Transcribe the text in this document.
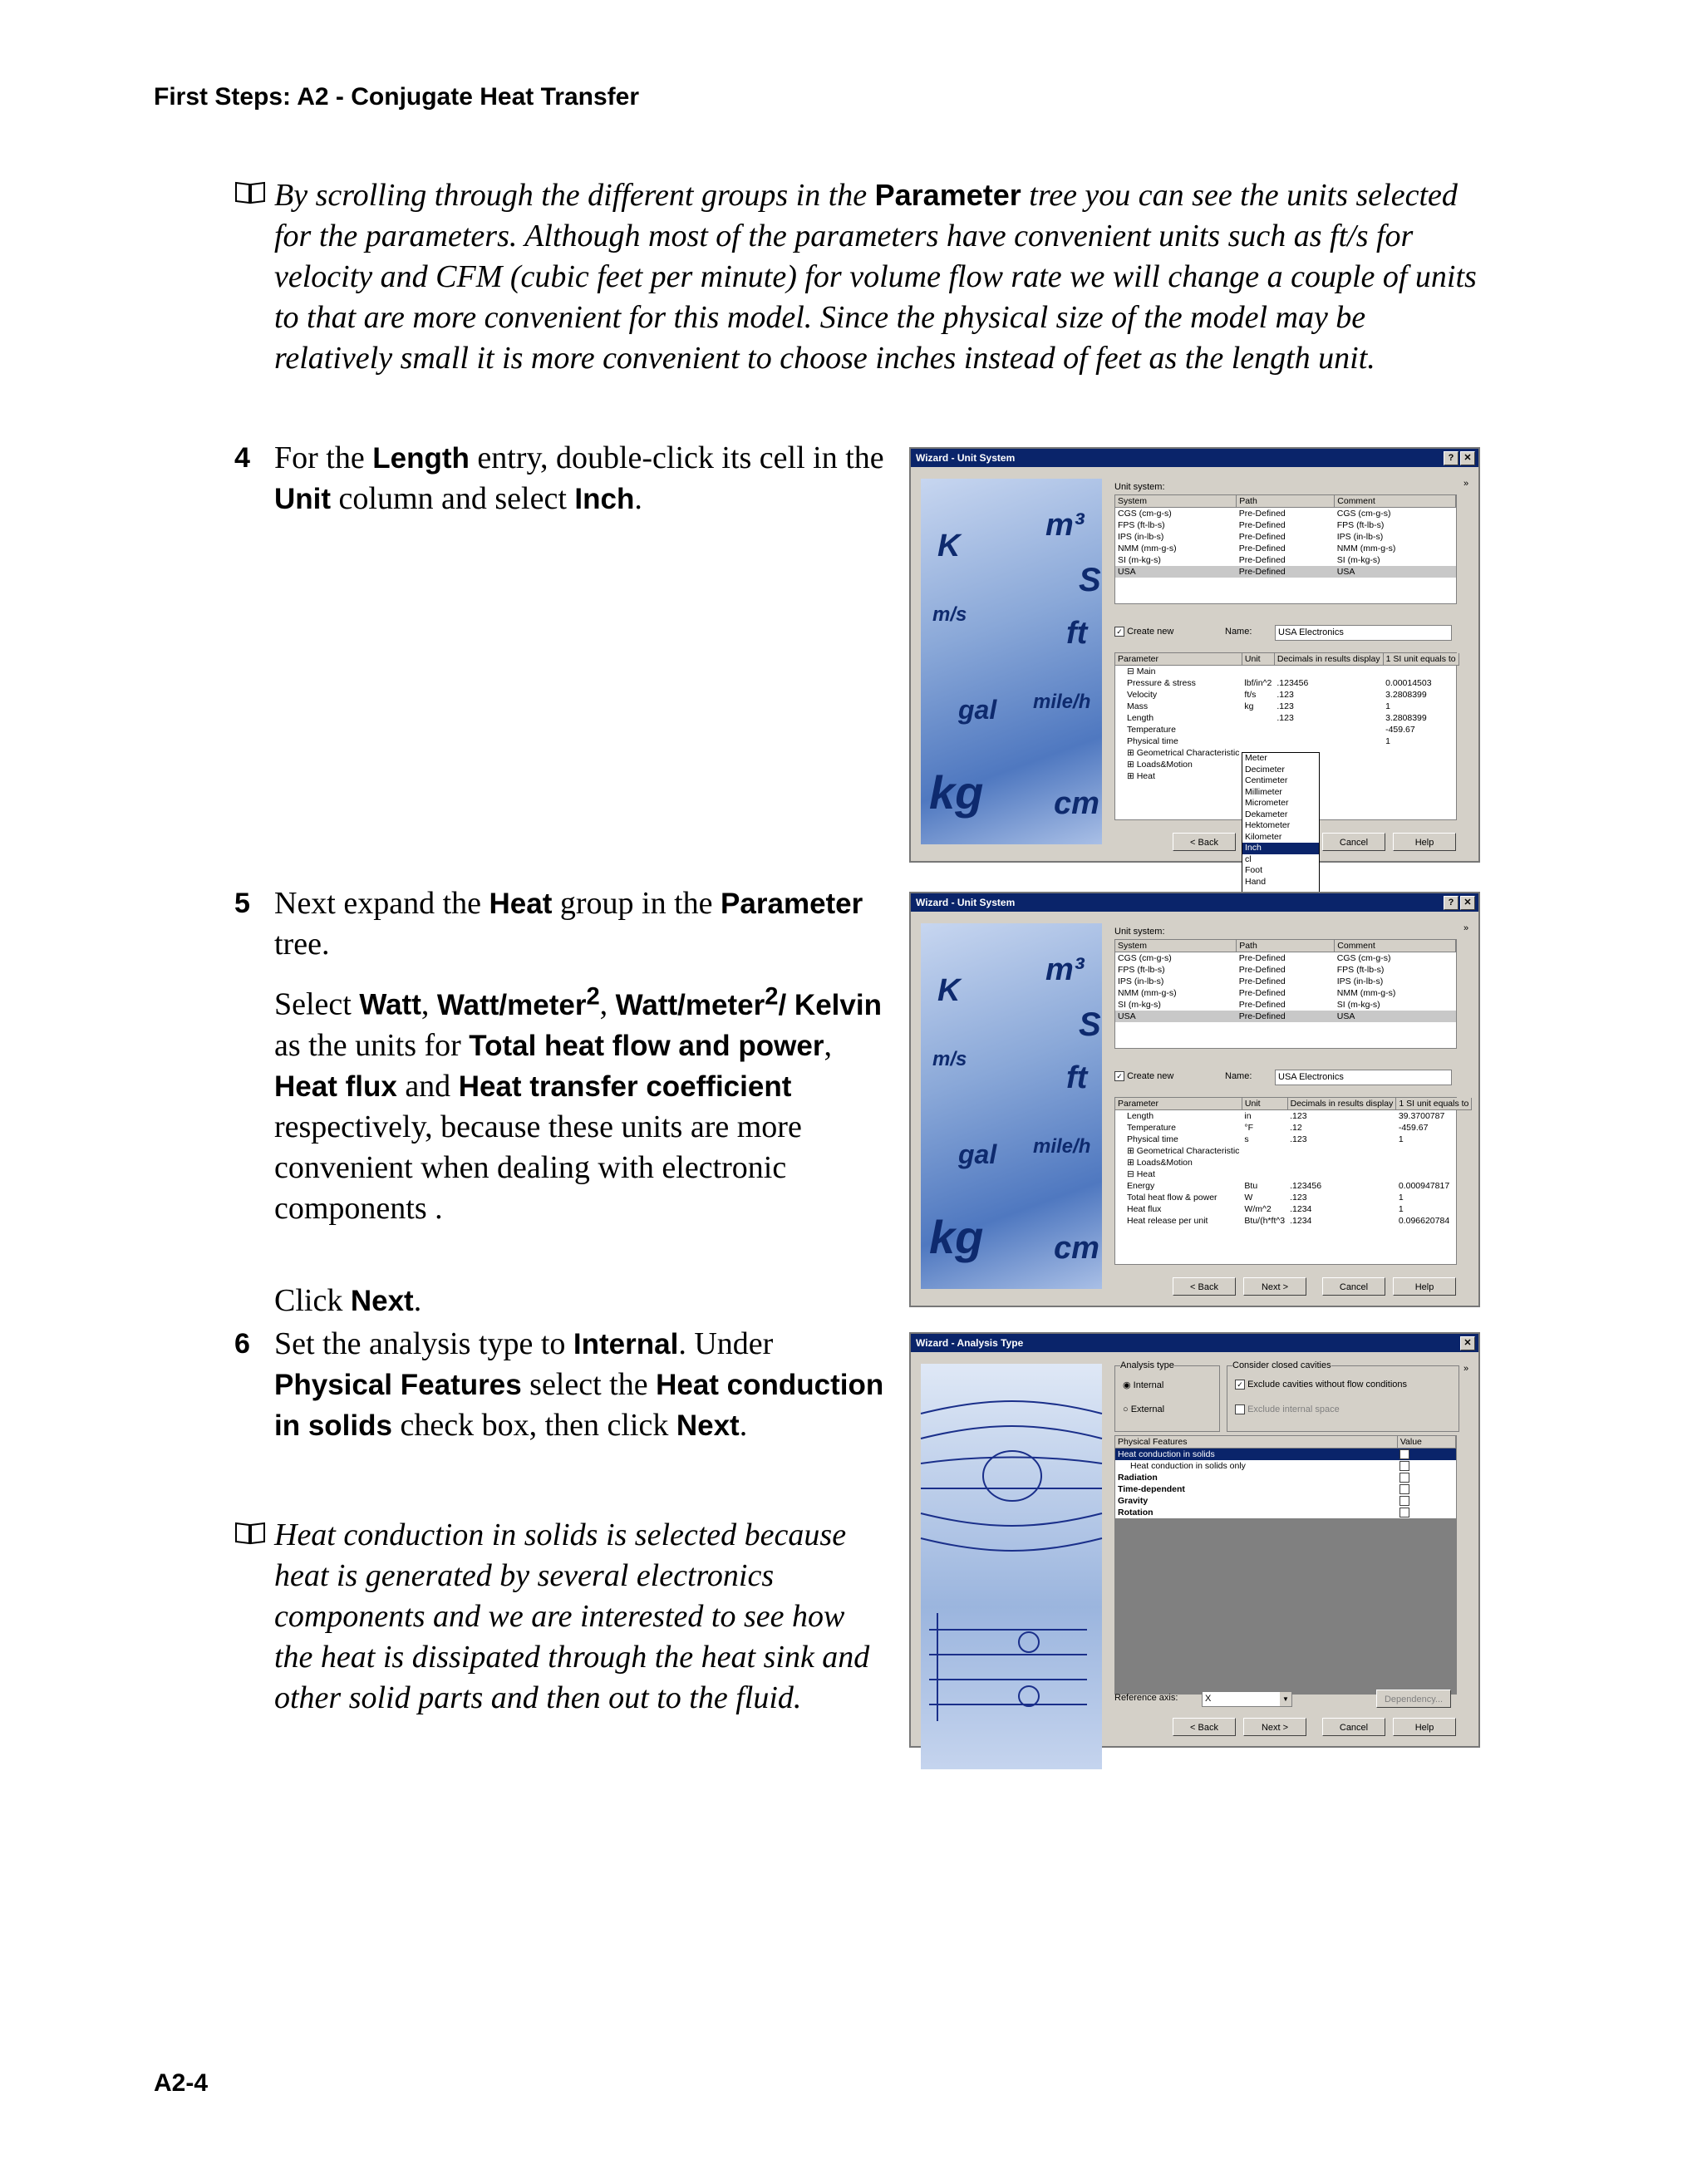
First Steps: A2 - Conjugate Heat Transfer
By scrolling through the different groups in the Parameter tree you can see the units selected for the parameters. Although most of the parameters have convenient units such as ft/s for velocity and CFM (cubic feet per minute) for volume flow rate we will change a couple of units to that are more convenient for this model. Since the physical size of the model may be relatively small it is more convenient to choose inches instead of feet as the length unit.
4 For the Length entry, double-click its cell in the Unit column and select Inch.

5 Next expand the Heat group in the Parameter tree.

Select Watt, Watt/meter$^2$, Watt/meter$^2$/ Kelvin as the units for Total heat flow and power, Heat flux and Heat transfer coefficient respectively, because these units are more convenient when dealing with electronic components .

Click Next.

6 Set the analysis type to Internal. Under Physical Features select the Heat conduction in solids check box, then click Next.

Heat conduction in solids is selected because heat is generated by several electronics components and we are interested to see how the heat is dissipated through the heat sink and other solid parts and then out to the fluid.
A2-4
Wizard - Unit System	?	✕
K
m³
S
m/s
ft
gal mile/h
kg cm
Unit system:	»
System	Path	Comment
CGS (cm-g-s)	Pre-Defined	CGS (cm-g-s)
FPS (ft-lb-s)	Pre-Defined	FPS (ft-lb-s)
IPS (in-lb-s)	Pre-Defined	IPS (in-lb-s)
NMM (mm-g-s)	Pre-Defined	NMM (mm-g-s)
SI (m-kg-s)	Pre-Defined	SI (m-kg-s)
USA	Pre-Defined	USA
✓ Create new	Name:	USA Electronics
Parameter	Unit	Decimals in results display	1 SI unit equals to
⊟ Main			
Pressure & stress	lbf/in^2	.123456	0.00014503
Velocity	ft/s	.123	3.2808399
Mass	kg	.123	1
Length		.123	3.2808399
Temperature			-459.67
Physical time			1
⊞ Geometrical Characteristic			
⊞ Loads&Motion			
⊞ Heat			
Meter
Decimeter
Centimeter
Millimeter
Micrometer
Dekameter
Hektometer
Kilometer
Inch
cl
Foot
Hand
< Back	Cancel	Help
Wizard - Unit System	?	✕
K
m³
S
m/s
ft
gal mile/h
kg cm
Unit system:	»
System	Path	Comment
CGS (cm-g-s)	Pre-Defined	CGS (cm-g-s)
FPS (ft-lb-s)	Pre-Defined	FPS (ft-lb-s)
IPS (in-lb-s)	Pre-Defined	IPS (in-lb-s)
NMM (mm-g-s)	Pre-Defined	NMM (mm-g-s)
SI (m-kg-s)	Pre-Defined	SI (m-kg-s)
USA	Pre-Defined	USA
✓ Create new	Name:	USA Electronics
Parameter	Unit	Decimals in results display	1 SI unit equals to
Length	in	.123	39.3700787
Temperature	°F	.12	-459.67
Physical time	s	.123	1
⊞ Geometrical Characteristic			
⊞ Loads&Motion			
⊟ Heat			
Energy	Btu	.123456	0.000947817
Total heat flow & power	W	.123	1
Heat flux	W/m^2	.1234	1
Heat release per unit	Btu/(h*ft^3	.1234	0.096620784
< Back	Next >	Cancel	Help
Wizard - Analysis Type	✕
Analysis type
◉ Internal
○ External
Consider closed cavities
✓ Exclude cavities without flow conditions
Exclude internal space
»
Physical Features	Value
Heat conduction in solids	✓
Heat conduction in solids only	
Radiation	
Time-dependent	
Gravity	
Rotation	
Reference axis:	X	▼	Dependency...
< Back	Next >	Cancel	Help
